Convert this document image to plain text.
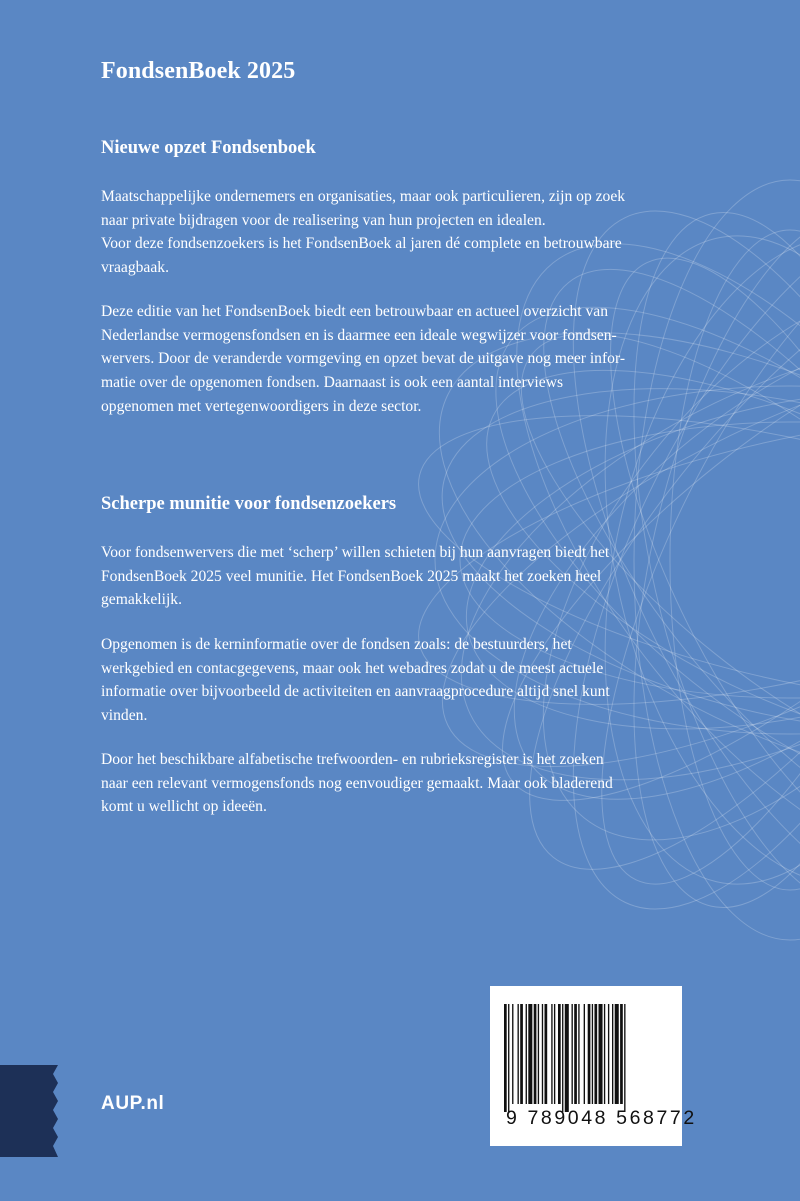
FondsenBoek 2025
Nieuwe opzet Fondsenboek

Maatschappelijke ondernemers en organisaties, maar ook particulieren, zijn op zoek
naar private bijdragen voor de realisering van hun projecten en idealen.
Voor deze fondsenzoekers is het FondsenBoek al jaren dé complete en betrouwbare
vraagbaak.

Deze editie van het FondsenBoek biedt een betrouwbaar en actueel overzicht van
Nederlandse vermogensfondsen en is daarmee een ideale wegwijzer voor fondsen-
wervers. Door de veranderde vormgeving en opzet bevat de uitgave nog meer infor-
matie over de opgenomen fondsen. Daarnaast is ook een aantal interviews
opgenomen met vertegenwoordigers in deze sector.

Scherpe munitie voor fondsenzoekers

Voor fondsenwervers die met ‘scherp’ willen schieten bij hun aanvragen biedt het
FondsenBoek 2025 veel munitie. Het FondsenBoek 2025 maakt het zoeken heel
gemakkelijk.

Opgenomen is de kerninformatie over de fondsen zoals: de bestuurders, het
werkgebied en contacgegevens, maar ook het webadres zodat u de meest actuele
informatie over bijvoorbeeld de activiteiten en aanvraagprocedure altijd snel kunt
vinden.

Door het beschikbare alfabetische trefwoorden- en rubrieksregister is het zoeken
naar een relevant vermogensfonds nog eenvoudiger gemaakt. Maar ook bladerend
komt u wellicht op ideeën.

AUP.nl

9 789048 568772
